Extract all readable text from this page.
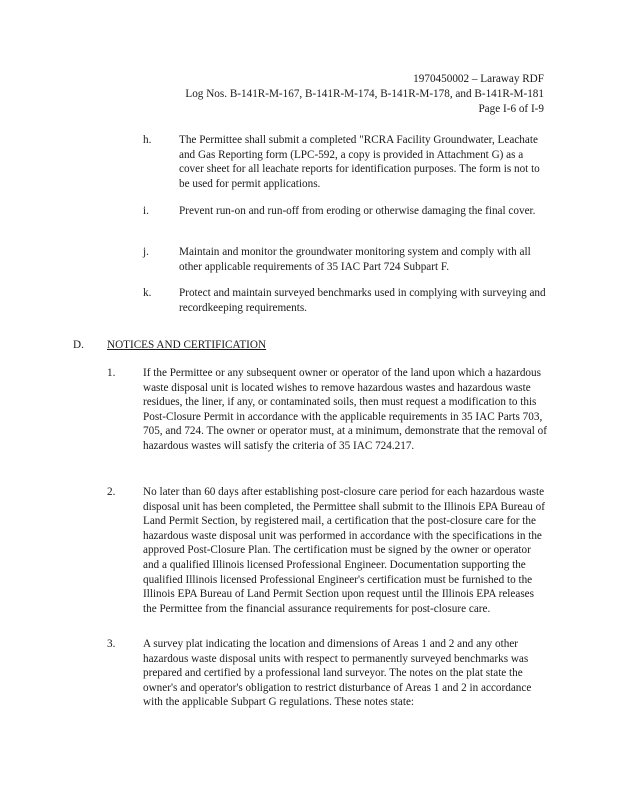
1970450002 – Laraway RDF
Log Nos. B-141R-M-167, B-141R-M-174, B-141R-M-178, and B-141R-M-181
Page I-6 of I-9
h. The Permittee shall submit a completed "RCRA Facility Groundwater, Leachate and Gas Reporting form (LPC-592, a copy is provided in Attachment G) as a cover sheet for all leachate reports for identification purposes. The form is not to be used for permit applications.
i.	Prevent run-on and run-off from eroding or otherwise damaging the final cover.
j.	Maintain and monitor the groundwater monitoring system and comply with all other applicable requirements of 35 IAC Part 724 Subpart F.
k. Protect and maintain surveyed benchmarks used in complying with surveying and recordkeeping requirements.
D. NOTICES AND CERTIFICATION
1. If the Permittee or any subsequent owner or operator of the land upon which a hazardous waste disposal unit is located wishes to remove hazardous wastes and hazardous waste residues, the liner, if any, or contaminated soils, then must request a modification to this Post-Closure Permit in accordance with the applicable requirements in 35 IAC Parts 703, 705, and 724. The owner or operator must, at a minimum, demonstrate that the removal of hazardous wastes will satisfy the criteria of 35 IAC 724.217.
2. No later than 60 days after establishing post-closure care period for each hazardous waste disposal unit has been completed, the Permittee shall submit to the Illinois EPA Bureau of Land Permit Section, by registered mail, a certification that the post-closure care for the hazardous waste disposal unit was performed in accordance with the specifications in the approved Post-Closure Plan. The certification must be signed by the owner or operator and a qualified Illinois licensed Professional Engineer. Documentation supporting the qualified Illinois licensed Professional Engineer's certification must be furnished to the Illinois EPA Bureau of Land Permit Section upon request until the Illinois EPA releases the Permittee from the financial assurance requirements for post-closure care.
3. A survey plat indicating the location and dimensions of Areas 1 and 2 and any other hazardous waste disposal units with respect to permanently surveyed benchmarks was prepared and certified by a professional land surveyor. The notes on the plat state the owner's and operator's obligation to restrict disturbance of Areas 1 and 2 in accordance with the applicable Subpart G regulations. These notes state:
